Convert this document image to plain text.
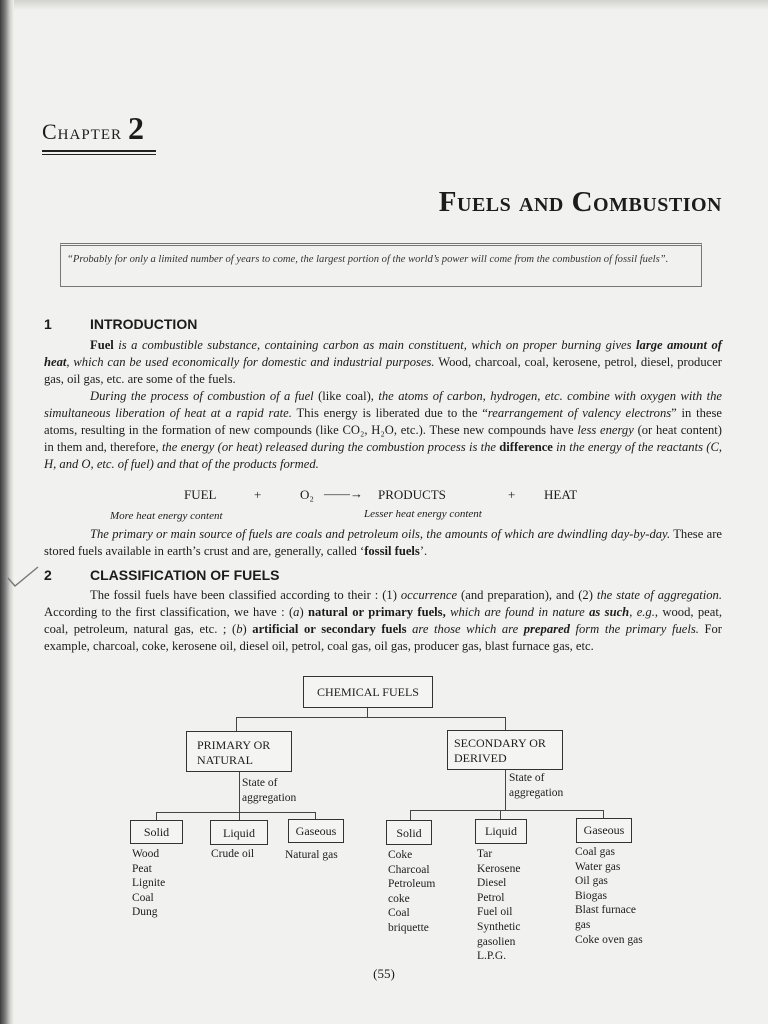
Chapter 2
Fuels and Combustion
“Probably for only a limited number of years to come, the largest portion of the world’s power will come from the combustion of fossil fuels”.
1	INTRODUCTION

Fuel is a combustible substance, containing carbon as main constituent, which on proper burning gives large amount of heat, which can be used economically for domestic and industrial purposes. Wood, charcoal, coal, kerosene, petrol, diesel, producer gas, oil gas, etc. are some of the fuels.

During the process of combustion of a fuel (like coal), the atoms of carbon, hydrogen, etc. combine with oxygen with the simultaneous liberation of heat at a rapid rate. This energy is liberated due to the “rearrangement of valency electrons” in these atoms, resulting in the formation of new compounds (like CO₂, H₂O, etc.). These new compounds have less energy (or heat content) in them and, therefore, the energy (or heat) released during the combustion process is the difference in the energy of the reactants (C, H, and O, etc. of fuel) and that of the products formed.

FUEL	+	O₂ ——→ PRODUCTS	+ HEAT
More heat energy content	Lesser heat energy content

The primary or main source of fuels are coals and petroleum oils, the amounts of which are dwindling day-by-day. These are stored fuels available in earth’s crust and are, generally, called ‘fossil fuels’.

2	CLASSIFICATION OF FUELS

The fossil fuels have been classified according to their : (1) occurrence (and preparation), and (2) the state of aggregation. According to the first classification, we have : (a) natural or primary fuels, which are found in nature as such, e.g., wood, peat, coal, petroleum, natural gas, etc. ; (b) artificial or secondary fuels are those which are prepared form the primary fuels. For example, charcoal, coke, kerosene oil, diesel oil, petrol, coal gas, oil gas, producer gas, blast furnace gas, etc.

CHEMICAL FUELS
PRIMARY OR NATURAL
SECONDARY OR DERIVED
State of aggregation
State of aggregation
Solid	Liquid	Gaseous
Wood
Peat
Lignite
Coal
Dung
Crude oil	Natural gas
Solid	Liquid	Gaseous
Coke
Charcoal
Petroleum
coke
Coal
briquette
Tar
Kerosene
Diesel
Petrol
Fuel oil
Synthetic
gasolien
L.P.G.
Coal gas
Water gas
Oil gas
Biogas
Blast furnace
gas
Coke oven gas
(55)
